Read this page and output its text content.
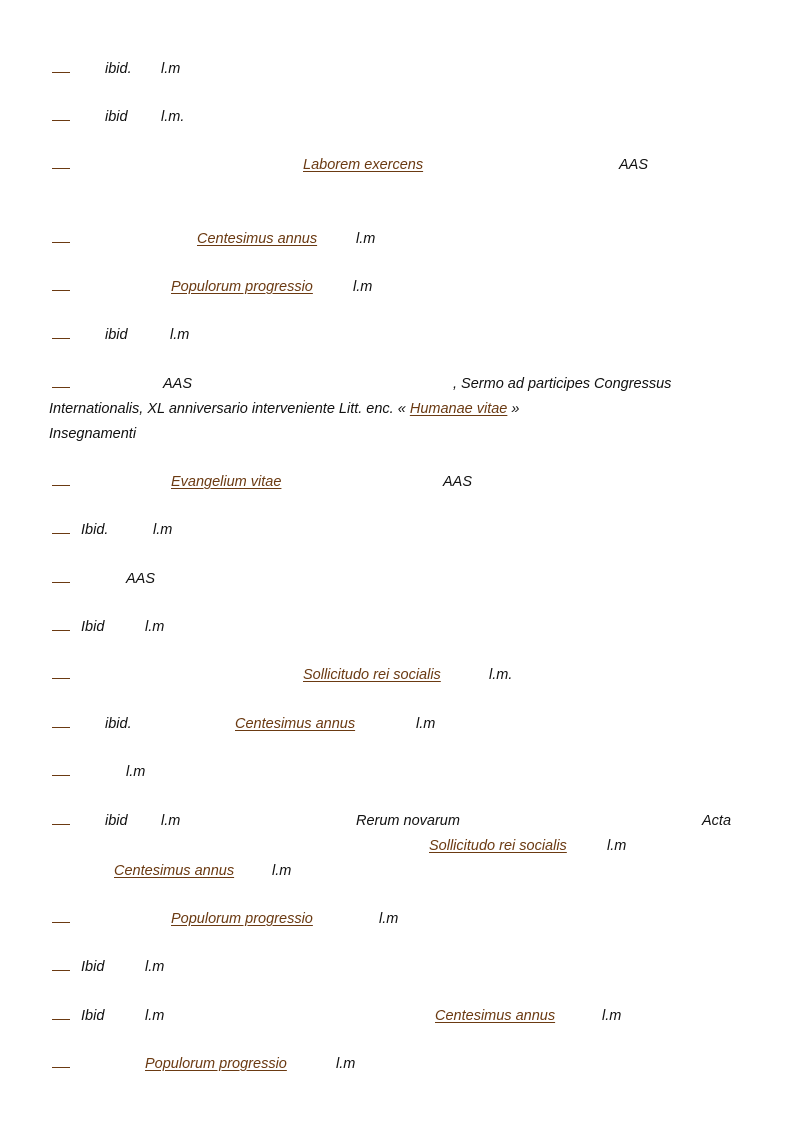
ibid. l.m
ibid l.m.
Laborem exercens	AAS
Centesimus annus	l.m
Populorum progressio	l.m
ibid	l.m
AAS	, Sermo ad participes Congressus
Internationalis, XL anniversario interveniente Litt. enc. « Humanae vitae »
Insegnamenti
Evangelium vitae	AAS
Ibid.	l.m
AAS
Ibid	l.m
Sollicitudo rei socialis	l.m.
ibid.	Centesimus annus	l.m
l.m
ibid l.m	Rerum novarum	Acta
Sollicitudo rei socialis	l.m
Centesimus annus	l.m
Populorum progressio	l.m
Ibid	l.m
Ibid	l.m	Centesimus annus	l.m
Populorum progressio	l.m
